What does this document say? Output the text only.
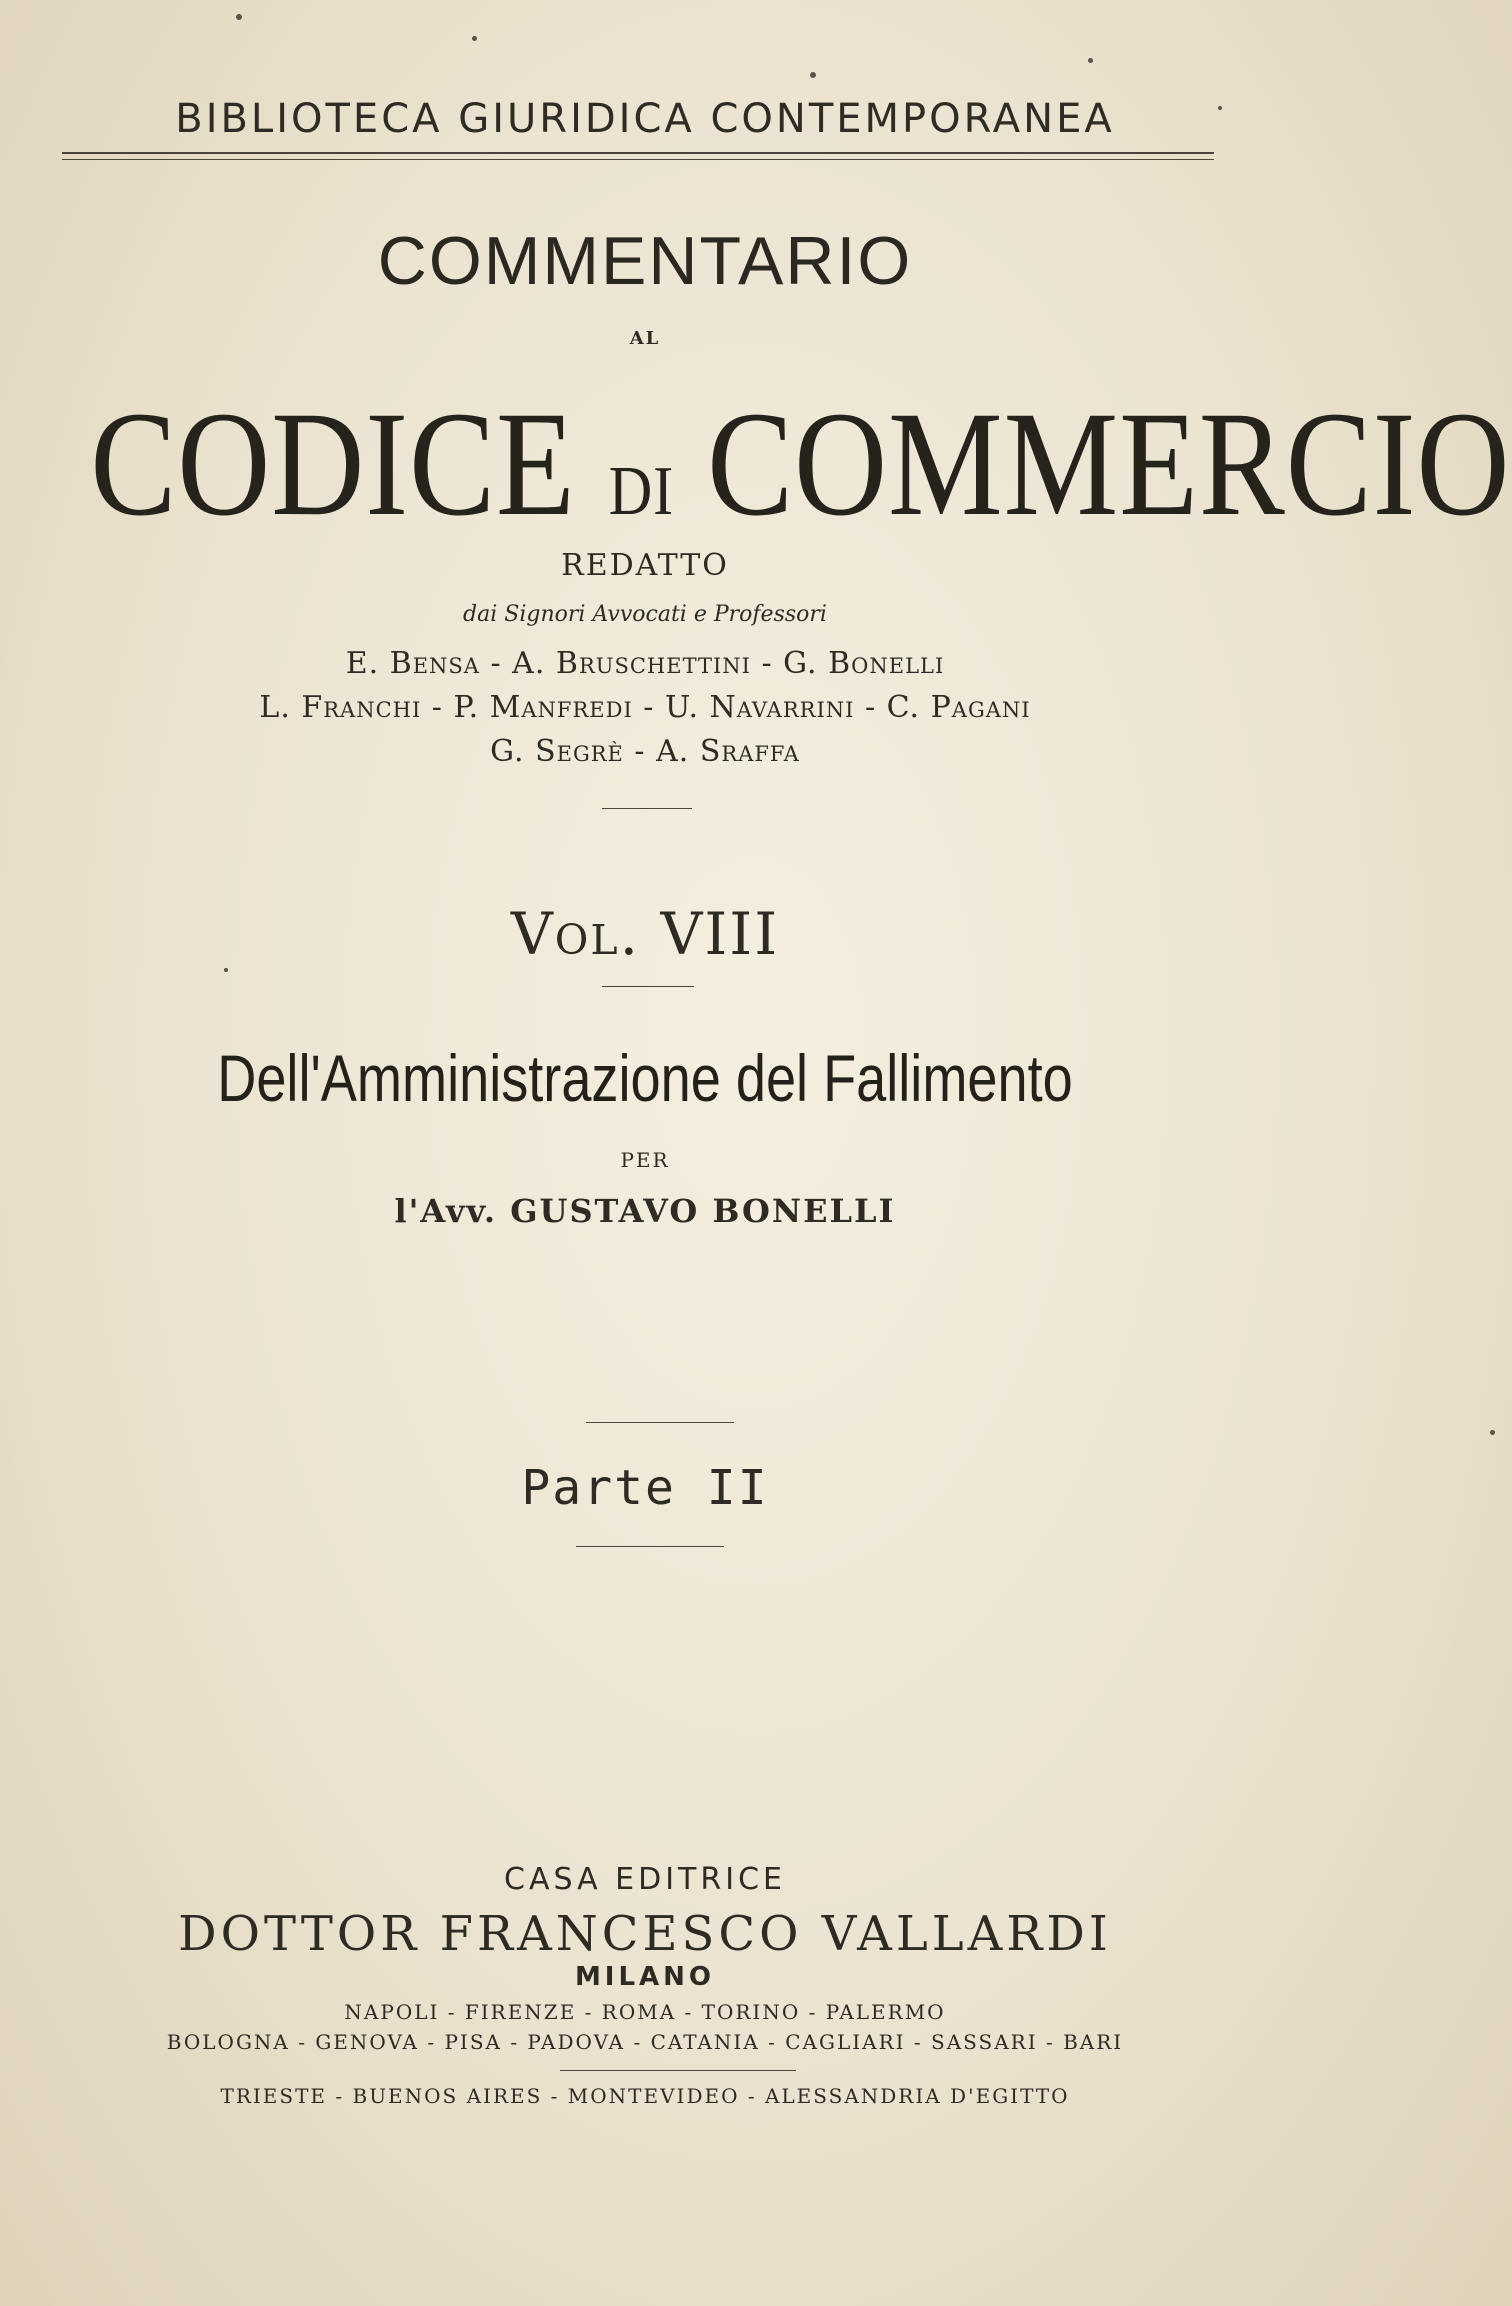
BIBLIOTECA GIURIDICA CONTEMPORANEA
COMMENTARIO
AL
CODICE DI COMMERCIO
REDATTO
dai Signori Avvocati e Professori
E. Bensa - A. Bruschettini - G. Bonelli
L. Franchi - P. Manfredi - U. Navarrini - C. Pagani
G. Segrè - A. Sraffa
Vol. VIII
Dell'Amministrazione del Fallimento
PER
l'Avv. GUSTAVO BONELLI
Parte II
CASA EDITRICE
DOTTOR FRANCESCO VALLARDI
MILANO
NAPOLI - FIRENZE - ROMA - TORINO - PALERMO
BOLOGNA - GENOVA - PISA - PADOVA - CATANIA - CAGLIARI - SASSARI - BARI
TRIESTE - BUENOS AIRES - MONTEVIDEO - ALESSANDRIA D'EGITTO
